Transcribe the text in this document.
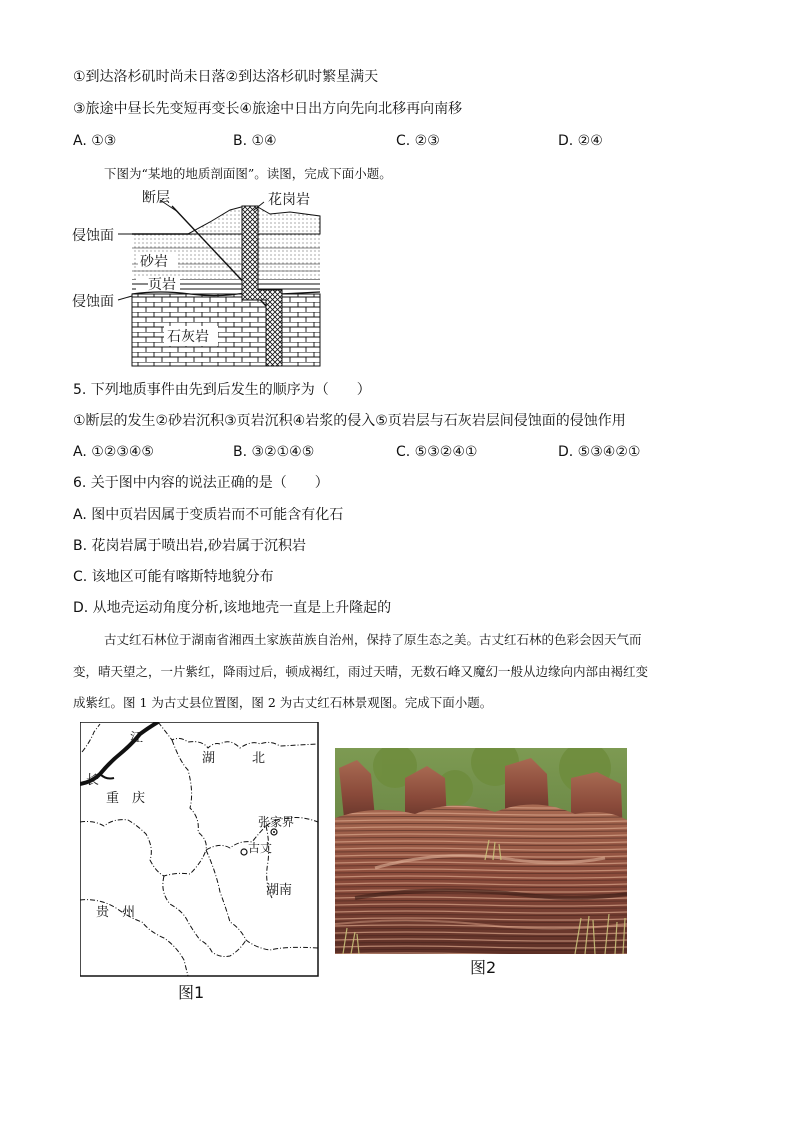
①到达洛杉矶时尚未日落②到达洛杉矶时繁星满天
③旅途中昼长先变短再变长④旅途中日出方向先向北移再向南移
A. ①③	B. ①④	C. ②③	D. ②④
下图为“某地的地质剖面图”。读图，完成下面小题。
断层	花岗岩
侵蚀面
砂岩
页岩
侵蚀面
石灰岩
5. 下列地质事件由先到后发生的顺序为（　　）
①断层的发生②砂岩沉积③页岩沉积④岩浆的侵入⑤页岩层与石灰岩层间侵蚀面的侵蚀作用
A. ①②③④⑤	B. ③②①④⑤	C. ⑤③②④①	D. ⑤③④②①
6. 关于图中内容的说法正确的是（　　）
A. 图中页岩因属于变质岩而不可能含有化石
B. 花岗岩属于喷出岩,砂岩属于沉积岩
C. 该地区可能有喀斯特地貌分布
D. 从地壳运动角度分析,该地地壳一直是上升隆起的
古丈红石林位于湖南省湘西土家族苗族自治州，保持了原生态之美。古丈红石林的色彩会因天气而
变，晴天望之，一片紫红，降雨过后，顿成褐红，雨过天晴，无数石峰又魔幻一般从边缘向内部由褐红变
成紫红。图 1 为古丈县位置图，图 2 为古丈红石林景观图。完成下面小题。
江
长
湖	北
重　庆
张家界
古丈
湖南
贵　州
图1
图2
